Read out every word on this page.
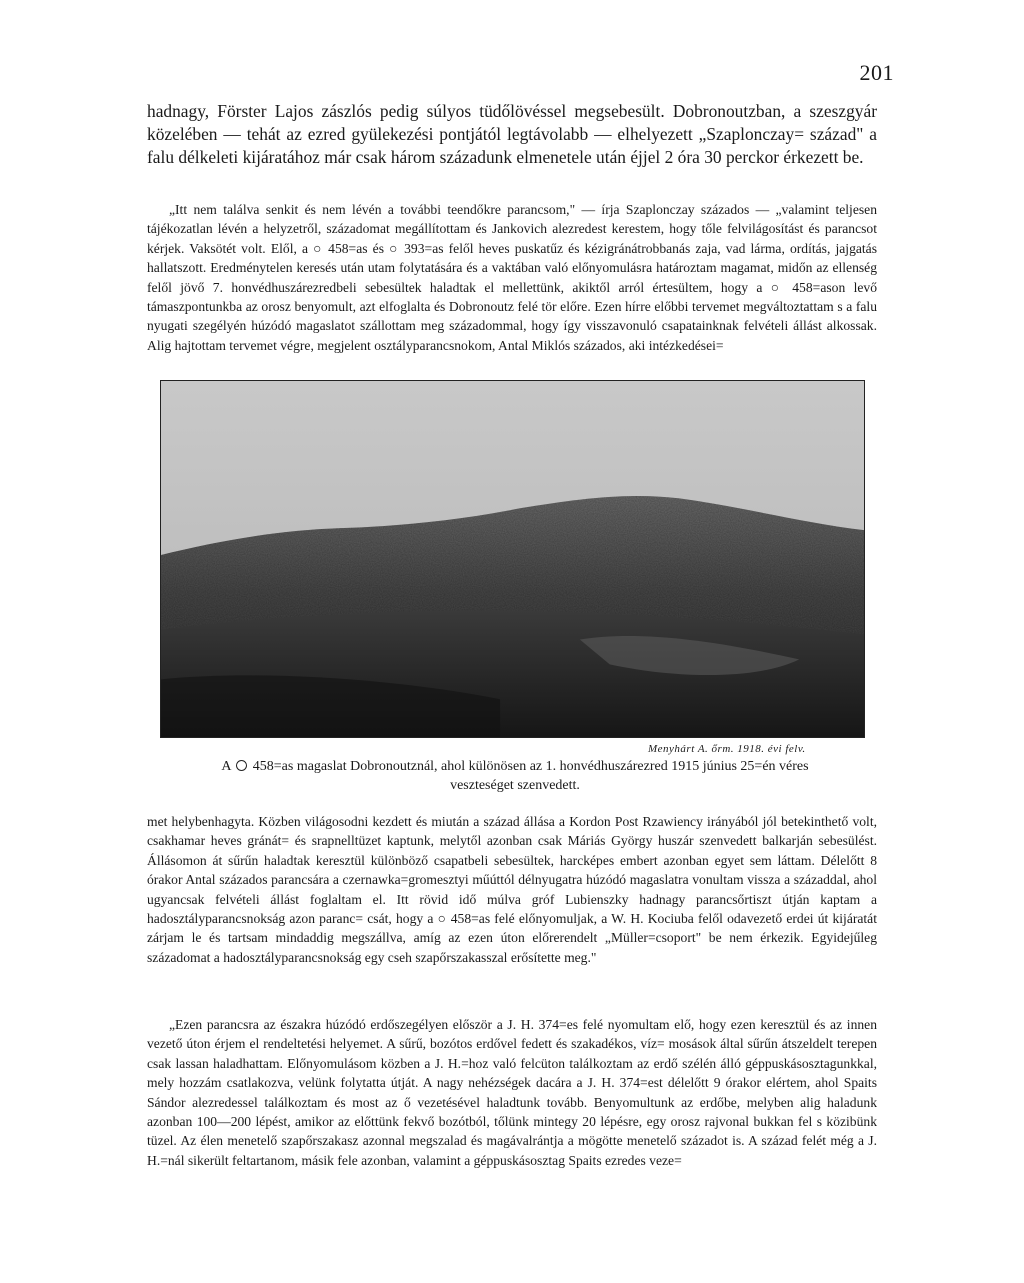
201

hadnagy, Förster Lajos zászlós pedig súlyos tüdőlövéssel megsebesült. Dobronoutzban, a szeszgyár közelében — tehát az ezred gyülekezési pontjától legtávolabb — elhelyezett „Szaplonczay= század" a falu délkeleti kijáratához már csak három századunk elmenetele után éjjel 2 óra 30 perckor érkezett be.

„Itt nem találva senkit és nem lévén a további teendőkre parancsom," — írja Szaplonczay százados — „valamint teljesen tájékozatlan lévén a helyzetről, századomat megállítottam és Jankovich alezredest kerestem, hogy tőle felvilágosítást és parancsot kérjek. Vaksötét volt. Elől, a ○ 458=as és ○ 393=as felől heves puskatűz és kézigránátrobbanás zaja, vad lárma, ordítás, jajgatás hallatszott. Eredménytelen keresés után utam folytatására és a vaktában való előnyomulásra határoztam magamat, midőn az ellenség felől jövő 7. honvédhuszárezredbeli sebesültek haladtak el mellettünk, akiktől arról értesültem, hogy a ○ 458=ason levő támaszpontunkba az orosz benyomult, azt elfoglalta és Dobronoutz felé tör előre. Ezen hírre előbbi tervemet megváltoztattam s a falu nyugati szegélyén húzódó magaslatot szállottam meg századommal, hogy így visszavonuló csapatainknak felvételi állást alkossak. Alig hajtottam tervemet végre, megjelent osztályparancsnokom, Antal Miklós százados, aki intézkedései=

Menyhárt A. őrm. 1918. évi felv.

A 458=as magaslat Dobronoutznál, ahol különösen az 1. honvédhuszárezred 1915 június 25=én véres
veszteséget szenvedett.

met helybenhagyta. Közben világosodni kezdett és miután a század állása a Kordon Post Rzawiency irányából jól betekinthető volt, csakhamar heves gránát= és srapnelltüzet kaptunk, melytől azonban csak Máriás György huszár szenvedett balkarján sebesülést. Állásomon át sűrűn haladtak keresztül különböző csapatbeli sebesültek, harcképes embert azonban egyet sem láttam. Délelőtt 8 órakor Antal százados parancsára a czernawka=gromesztyi műúttól délnyugatra húzódó magaslatra vonultam vissza a századdal, ahol ugyancsak felvételi állást foglaltam el. Itt rövid idő múlva gróf Lubienszky hadnagy parancsőrtiszt útján kaptam a hadosztályparancsnokság azon paranc= csát, hogy a ○ 458=as felé előnyomuljak, a W. H. Kociuba felől odavezető erdei út kijáratát zárjam le és tartsam mindaddig megszállva, amíg az ezen úton előrerendelt „Müller=csoport" be nem érkezik. Egyidejűleg századomat a hadosztályparancsnokság egy cseh szapőrszakasszal erősítette meg."

„Ezen parancsra az északra húzódó erdőszegélyen először a J. H. 374=es felé nyomultam elő, hogy ezen keresztül és az innen vezető úton érjem el rendeltetési helyemet. A sűrű, bozótos erdővel fedett és szakadékos, víz= mosások által sűrűn átszeldelt terepen csak lassan haladhattam. Előnyomulásom közben a J. H.=hoz való felcüton találkoztam az erdő szélén álló géppuskásosztagunkkal, mely hozzám csatlakozva, velünk folytatta útját. A nagy nehézségek dacára a J. H. 374=est délelőtt 9 órakor elértem, ahol Spaits Sándor alezredessel találkoztam és most az ő vezetésével haladtunk tovább. Benyomultunk az erdőbe, melyben alig haladunk azonban 100—200 lépést, amikor az előttünk fekvő bozótból, tőlünk mintegy 20 lépésre, egy orosz rajvonal bukkan fel s közibünk tüzel. Az élen menetelő szapőrszakasz azonnal megszalad és magávalrántja a mögötte menetelő századot is. A század felét még a J. H.=nál sikerült feltartanom, másik fele azonban, valamint a géppuskásosztag Spaits ezredes veze=
